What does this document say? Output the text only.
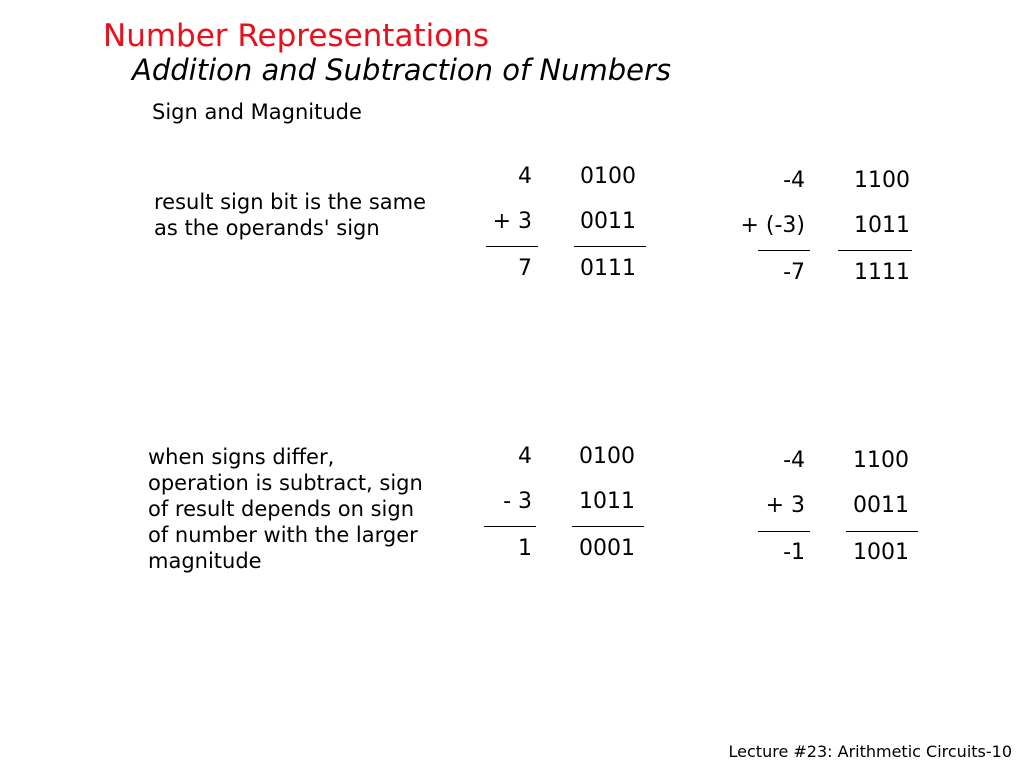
Number Representations
Addition and Subtraction of Numbers
Sign and Magnitude
result sign bit is the same as the operands' sign
4
+ 3
7
0100
0011
0111
-4
+ (-3)
-7
1100
1011
1111
when signs differ, operation is subtract, sign of result depends on sign of number with the larger magnitude
4
- 3
1
0100
1011
0001
-4
+ 3
-1
1100
0011
1001
Lecture #23: Arithmetic Circuits-10
